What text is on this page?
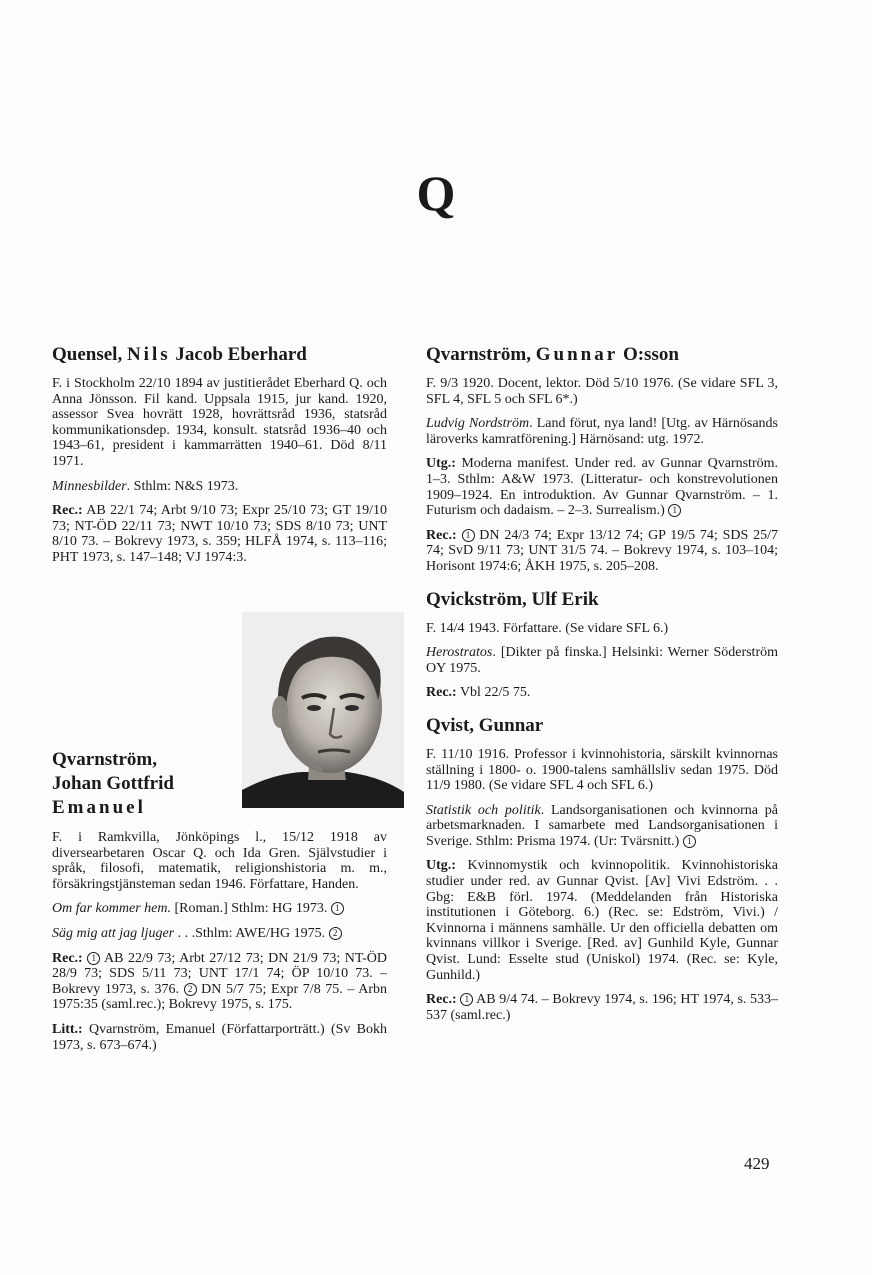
Q
Quensel, Nils Jacob Eberhard

F. i Stockholm 22/10 1894 av justitierådet Eberhard Q. och Anna Jönsson. Fil kand. Uppsala 1915, jur kand. 1920, assessor Svea hovrätt 1928, hovrättsråd 1936, statsråd kommunikationsdep. 1934, konsult. statsråd 1936–40 och 1943–61, president i kammarrätten 1940–61. Död 8/11 1971.

Minnesbilder. Sthlm: N&S 1973.

Rec.: AB 22/1 74; Arbt 9/10 73; Expr 25/10 73; GT 19/10 73; NT-ÖD 22/11 73; NWT 10/10 73; SDS 8/10 73; UNT 8/10 73. – Bokrevy 1973, s. 359; HLFÅ 1974, s. 113–116; PHT 1973, s. 147–148; VJ 1974:3.

Qvarnström,
Johan Gottfrid
Emanuel

F. i Ramkvilla, Jönköpings l., 15/12 1918 av diversearbetaren Oscar Q. och Ida Gren. Självstudier i språk, filosofi, matematik, religionshistoria m. m., försäkringstjänsteman sedan 1946. Författare, Handen.

Om far kommer hem. [Roman.] Sthlm: HG 1973. 1

Säg mig att jag ljuger . . .Sthlm: AWE/HG 1975. 2

Rec.: 1 AB 22/9 73; Arbt 27/12 73; DN 21/9 73; NT-ÖD 28/9 73; SDS 5/11 73; UNT 17/1 74; ÖP 10/10 73. – Bokrevy 1973, s. 376. 2 DN 5/7 75; Expr 7/8 75. – Arbn 1975:35 (saml.rec.); Bokrevy 1975, s. 175.

Litt.: Qvarnström, Emanuel (Författarporträtt.) (Sv Bokh 1973, s. 673–674.)

Qvarnström, Gunnar O:sson

F. 9/3 1920. Docent, lektor. Död 5/10 1976. (Se vidare SFL 3, SFL 4, SFL 5 och SFL 6*.)

Ludvig Nordström. Land förut, nya land! [Utg. av Härnösands läroverks kamratförening.] Härnösand: utg. 1972.

Utg.: Moderna manifest. Under red. av Gunnar Qvarnström. 1–3. Sthlm: A&W 1973. (Litteratur- och konstrevolutionen 1909–1924. En introduktion. Av Gunnar Qvarnström. – 1. Futurism och dadaism. – 2–3. Surrealism.) 1

Rec.: 1 DN 24/3 74; Expr 13/12 74; GP 19/5 74; SDS 25/7 74; SvD 9/11 73; UNT 31/5 74. – Bokrevy 1974, s. 103–104; Horisont 1974:6; ÅKH 1975, s. 205–208.

Qvickström, Ulf Erik

F. 14/4 1943. Författare. (Se vidare SFL 6.)

Herostratos. [Dikter på finska.] Helsinki: Werner Söderström OY 1975.

Rec.: Vbl 22/5 75.

Qvist, Gunnar

F. 11/10 1916. Professor i kvinnohistoria, särskilt kvinnornas ställning i 1800- o. 1900-talens samhällsliv sedan 1975. Död 11/9 1980. (Se vidare SFL 4 och SFL 6.)

Statistik och politik. Landsorganisationen och kvinnorna på arbetsmarknaden. I samarbete med Landsorganisationen i Sverige. Sthlm: Prisma 1974. (Ur: Tvärsnitt.) 1

Utg.: Kvinnomystik och kvinnopolitik. Kvinnohistoriska studier under red. av Gunnar Qvist. [Av] Vivi Edström. . . Gbg: E&B förl. 1974. (Meddelanden från Historiska institutionen i Göteborg. 6.) (Rec. se: Edström, Vivi.) / Kvinnorna i männens samhälle. Ur den officiella debatten om kvinnans villkor i Sverige. [Red. av] Gunhild Kyle, Gunnar Qvist. Lund: Esselte stud (Uniskol) 1974. (Rec. se: Kyle, Gunhild.)

Rec.: 1 AB 9/4 74. – Bokrevy 1974, s. 196; HT 1974, s. 533–537 (saml.rec.)

429
